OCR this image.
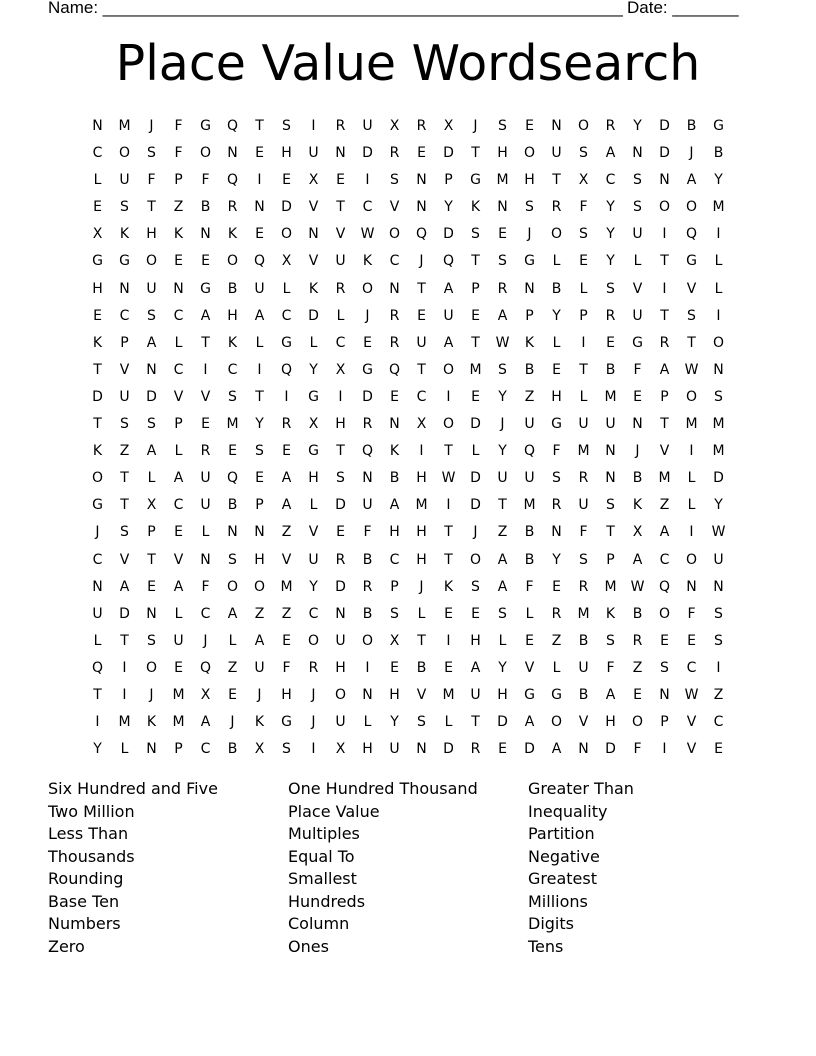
Name: _______________________________________________________ Date: _______
Place Value Wordsearch
N	M	J	F	G	Q	T	S	I	R	U	X	R	X	J	S	E	N	O	R	Y	D	B	G
C	O	S	F	O	N	E	H	U	N	D	R	E	D	T	H	O	U	S	A	N	D	J	B
L	U	F	P	F	Q	I	E	X	E	I	S	N	P	G	M	H	T	X	C	S	N	A	Y
E	S	T	Z	B	R	N	D	V	T	C	V	N	Y	K	N	S	R	F	Y	S	O	O	M
X	K	H	K	N	K	E	O	N	V	W	O	Q	D	S	E	J	O	S	Y	U	I	Q	I
G	G	O	E	E	O	Q	X	V	U	K	C	J	Q	T	S	G	L	E	Y	L	T	G	L
H	N	U	N	G	B	U	L	K	R	O	N	T	A	P	R	N	B	L	S	V	I	V	L
E	C	S	C	A	H	A	C	D	L	J	R	E	U	E	A	P	Y	P	R	U	T	S	I
K	P	A	L	T	K	L	G	L	C	E	R	U	A	T	W	K	L	I	E	G	R	T	O
T	V	N	C	I	C	I	Q	Y	X	G	Q	T	O	M	S	B	E	T	B	F	A	W	N
D	U	D	V	V	S	T	I	G	I	D	E	C	I	E	Y	Z	H	L	M	E	P	O	S
T	S	S	P	E	M	Y	R	X	H	R	N	X	O	D	J	U	G	U	U	N	T	M	M
K	Z	A	L	R	E	S	E	G	T	Q	K	I	T	L	Y	Q	F	M	N	J	V	I	M
O	T	L	A	U	Q	E	A	H	S	N	B	H	W	D	U	U	S	R	N	B	M	L	D
G	T	X	C	U	B	P	A	L	D	U	A	M	I	D	T	M	R	U	S	K	Z	L	Y
J	S	P	E	L	N	N	Z	V	E	F	H	H	T	J	Z	B	N	F	T	X	A	I	W
C	V	T	V	N	S	H	V	U	R	B	C	H	T	O	A	B	Y	S	P	A	C	O	U
N	A	E	A	F	O	O	M	Y	D	R	P	J	K	S	A	F	E	R	M	W	Q	N	N
U	D	N	L	C	A	Z	Z	C	N	B	S	L	E	E	S	L	R	M	K	B	O	F	S
L	T	S	U	J	L	A	E	O	U	O	X	T	I	H	L	E	Z	B	S	R	E	E	S
Q	I	O	E	Q	Z	U	F	R	H	I	E	B	E	A	Y	V	L	U	F	Z	S	C	I
T	I	J	M	X	E	J	H	J	O	N	H	V	M	U	H	G	G	B	A	E	N	W	Z
I	M	K	M	A	J	K	G	J	U	L	Y	S	L	T	D	A	O	V	H	O	P	V	C
Y	L	N	P	C	B	X	S	I	X	H	U	N	D	R	E	D	A	N	D	F	I	V	E
Six Hundred and Five
Two Million
Less Than
Thousands
Rounding
Base Ten
Numbers
Zero
One Hundred Thousand
Place Value
Multiples
Equal To
Smallest
Hundreds
Column
Ones
Greater Than
Inequality
Partition
Negative
Greatest
Millions
Digits
Tens
